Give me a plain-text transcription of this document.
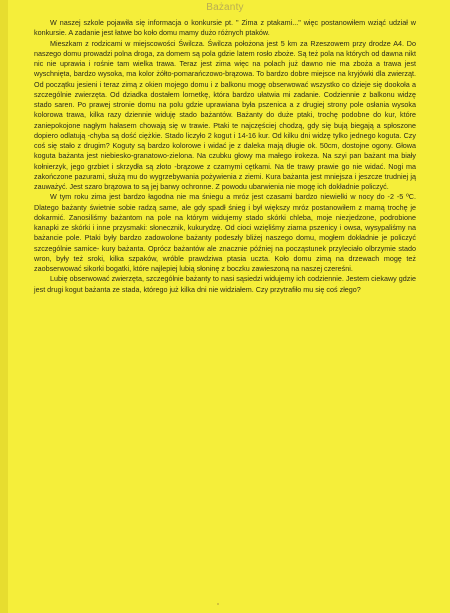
Bażanty

W naszej szkole pojawiła się informacja o konkursie pt. " Zima z ptakami..." więc postanowiłem wziąć udział w konkursie. A zadanie jest łatwe bo koło domu mamy dużo różnych ptaków.

Mieszkam z rodzicami w miejscowości Świlcza. Świlcza położona jest 5 km za Rzeszowem przy drodze A4. Do naszego domu prowadzi polna droga, za domem są pola gdzie latem rosło zboże. Są też pola na których od dawna nikt nic nie uprawia i rośnie tam wielka trawa. Teraz jest zima więc na polach już dawno nie ma zboża a trawa jest wyschnięta, bardzo wysoka, ma kolor żółto-pomarańczowo-brązowa. To bardzo dobre miejsce na kryjówki dla zwierząt. Od początku jesieni i teraz zimą z okien mojego domu i z balkonu mogę obserwować wszystko co dzieje się dookoła a szczególnie zwierzęta. Od dziadka dostałem lornetkę, która bardzo ułatwia mi zadanie. Codziennie z balkonu widzę stado saren. Po prawej stronie domu na polu gdzie uprawiana była pszenica a z drugiej strony pole osłania wysoka kolorowa trawa, kilka razy dziennie widuję stado bażantów. Bażanty do duże ptaki, trochę podobne do kur, które zaniepokojone nagłym hałasem chowają się w trawie. Ptaki te najczęściej chodzą, gdy się bują biegają a spłoszone dopiero odlatują -chyba są dość ciężkie. Stado liczyło 2 kogut i 14-16 kur. Od kilku dni widzę tylko jednego koguta. Czy coś się stało z drugim? Koguty są bardzo kolorowe i widać je z daleka mają długie ok. 50cm, dostojne ogony. Głowa koguta bażanta jest niebiesko-granatowo-zielona. Na czubku głowy ma małego irokeza. Na szyi pan bażant ma biały kołnierzyk, jego grzbiet i skrzydła są złoto -brązowe z czarnymi cętkami. Na tle trawy prawie go nie widać. Nogi ma zakończone pazurami, służą mu do wygrzebywania pożywienia z ziemi. Kura bażanta jest mniejsza i jeszcze trudniej ją zauważyć. Jest szaro brązowa to są jej barwy ochronne. Z powodu ubarwienia nie mogę ich dokładnie policzyć.

W tym roku zima jest bardzo łagodna nie ma śniegu a mróz jest czasami bardzo niewielki w nocy do -2 -5 ºC. Dlatego bażanty świetnie sobie radzą same, ale gdy spadł śnieg i był większy mróz postanowiłem z mamą trochę je dokarmić. Zanosiliśmy bażantom na pole na którym widujemy stado skórki chleba, moje niezjedzone, podrobione kanapki ze skórki i inne przysmaki: słonecznik, kukurydzę. Od cioci wzięliśmy ziarna pszenicy i owsa, wysypaliśmy na bażancie pole. Ptaki były bardzo zadowolone bażanty podeszły bliżej naszego domu, mogłem dokładnie je policzyć szczególnie samice- kury bażanta. Oprócz bażantów ale znacznie później na począstunek przyleciało olbrzymie stado wron, były też sroki, kilka szpaków, wróble prawdziwa ptasia uczta. Koło domu zimą na drzewach mogę też zaobserwować sikorki bogatki, które najlepiej lubią słoninę z boczku zawieszoną na naszej czereśni.

Lubię obserwować zwierzęta, szczególnie bażanty to nasi sąsiedzi widujemy ich codziennie. Jestem ciekawy gdzie jest drugi kogut bażanta ze stada, którego już kilka dni nie widziałem. Czy przytrafiło mu się coś złego?
